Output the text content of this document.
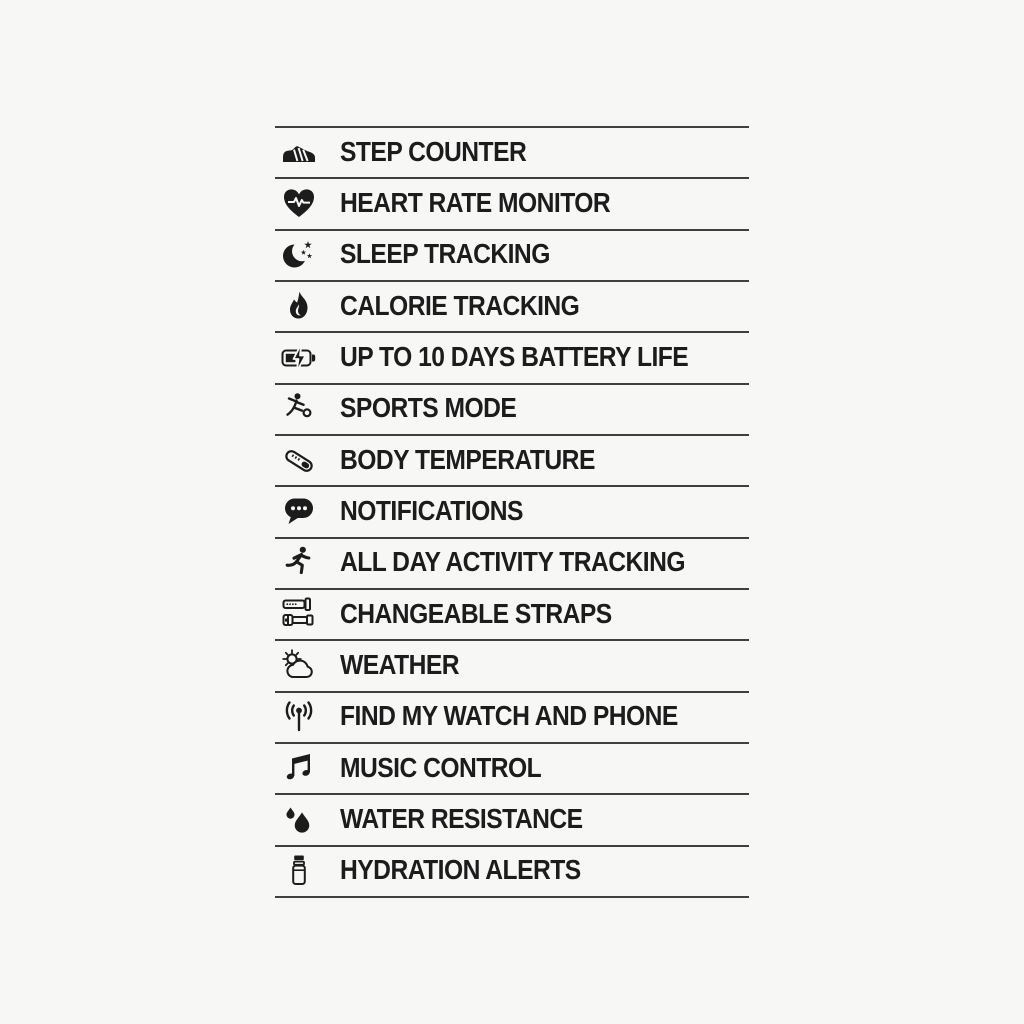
STEP COUNTER
HEART RATE MONITOR
SLEEP TRACKING
CALORIE TRACKING
UP TO 10 DAYS BATTERY LIFE
SPORTS MODE
BODY TEMPERATURE
NOTIFICATIONS
ALL DAY ACTIVITY TRACKING
CHANGEABLE STRAPS
WEATHER
FIND MY WATCH AND PHONE
MUSIC CONTROL
WATER RESISTANCE
HYDRATION ALERTS
